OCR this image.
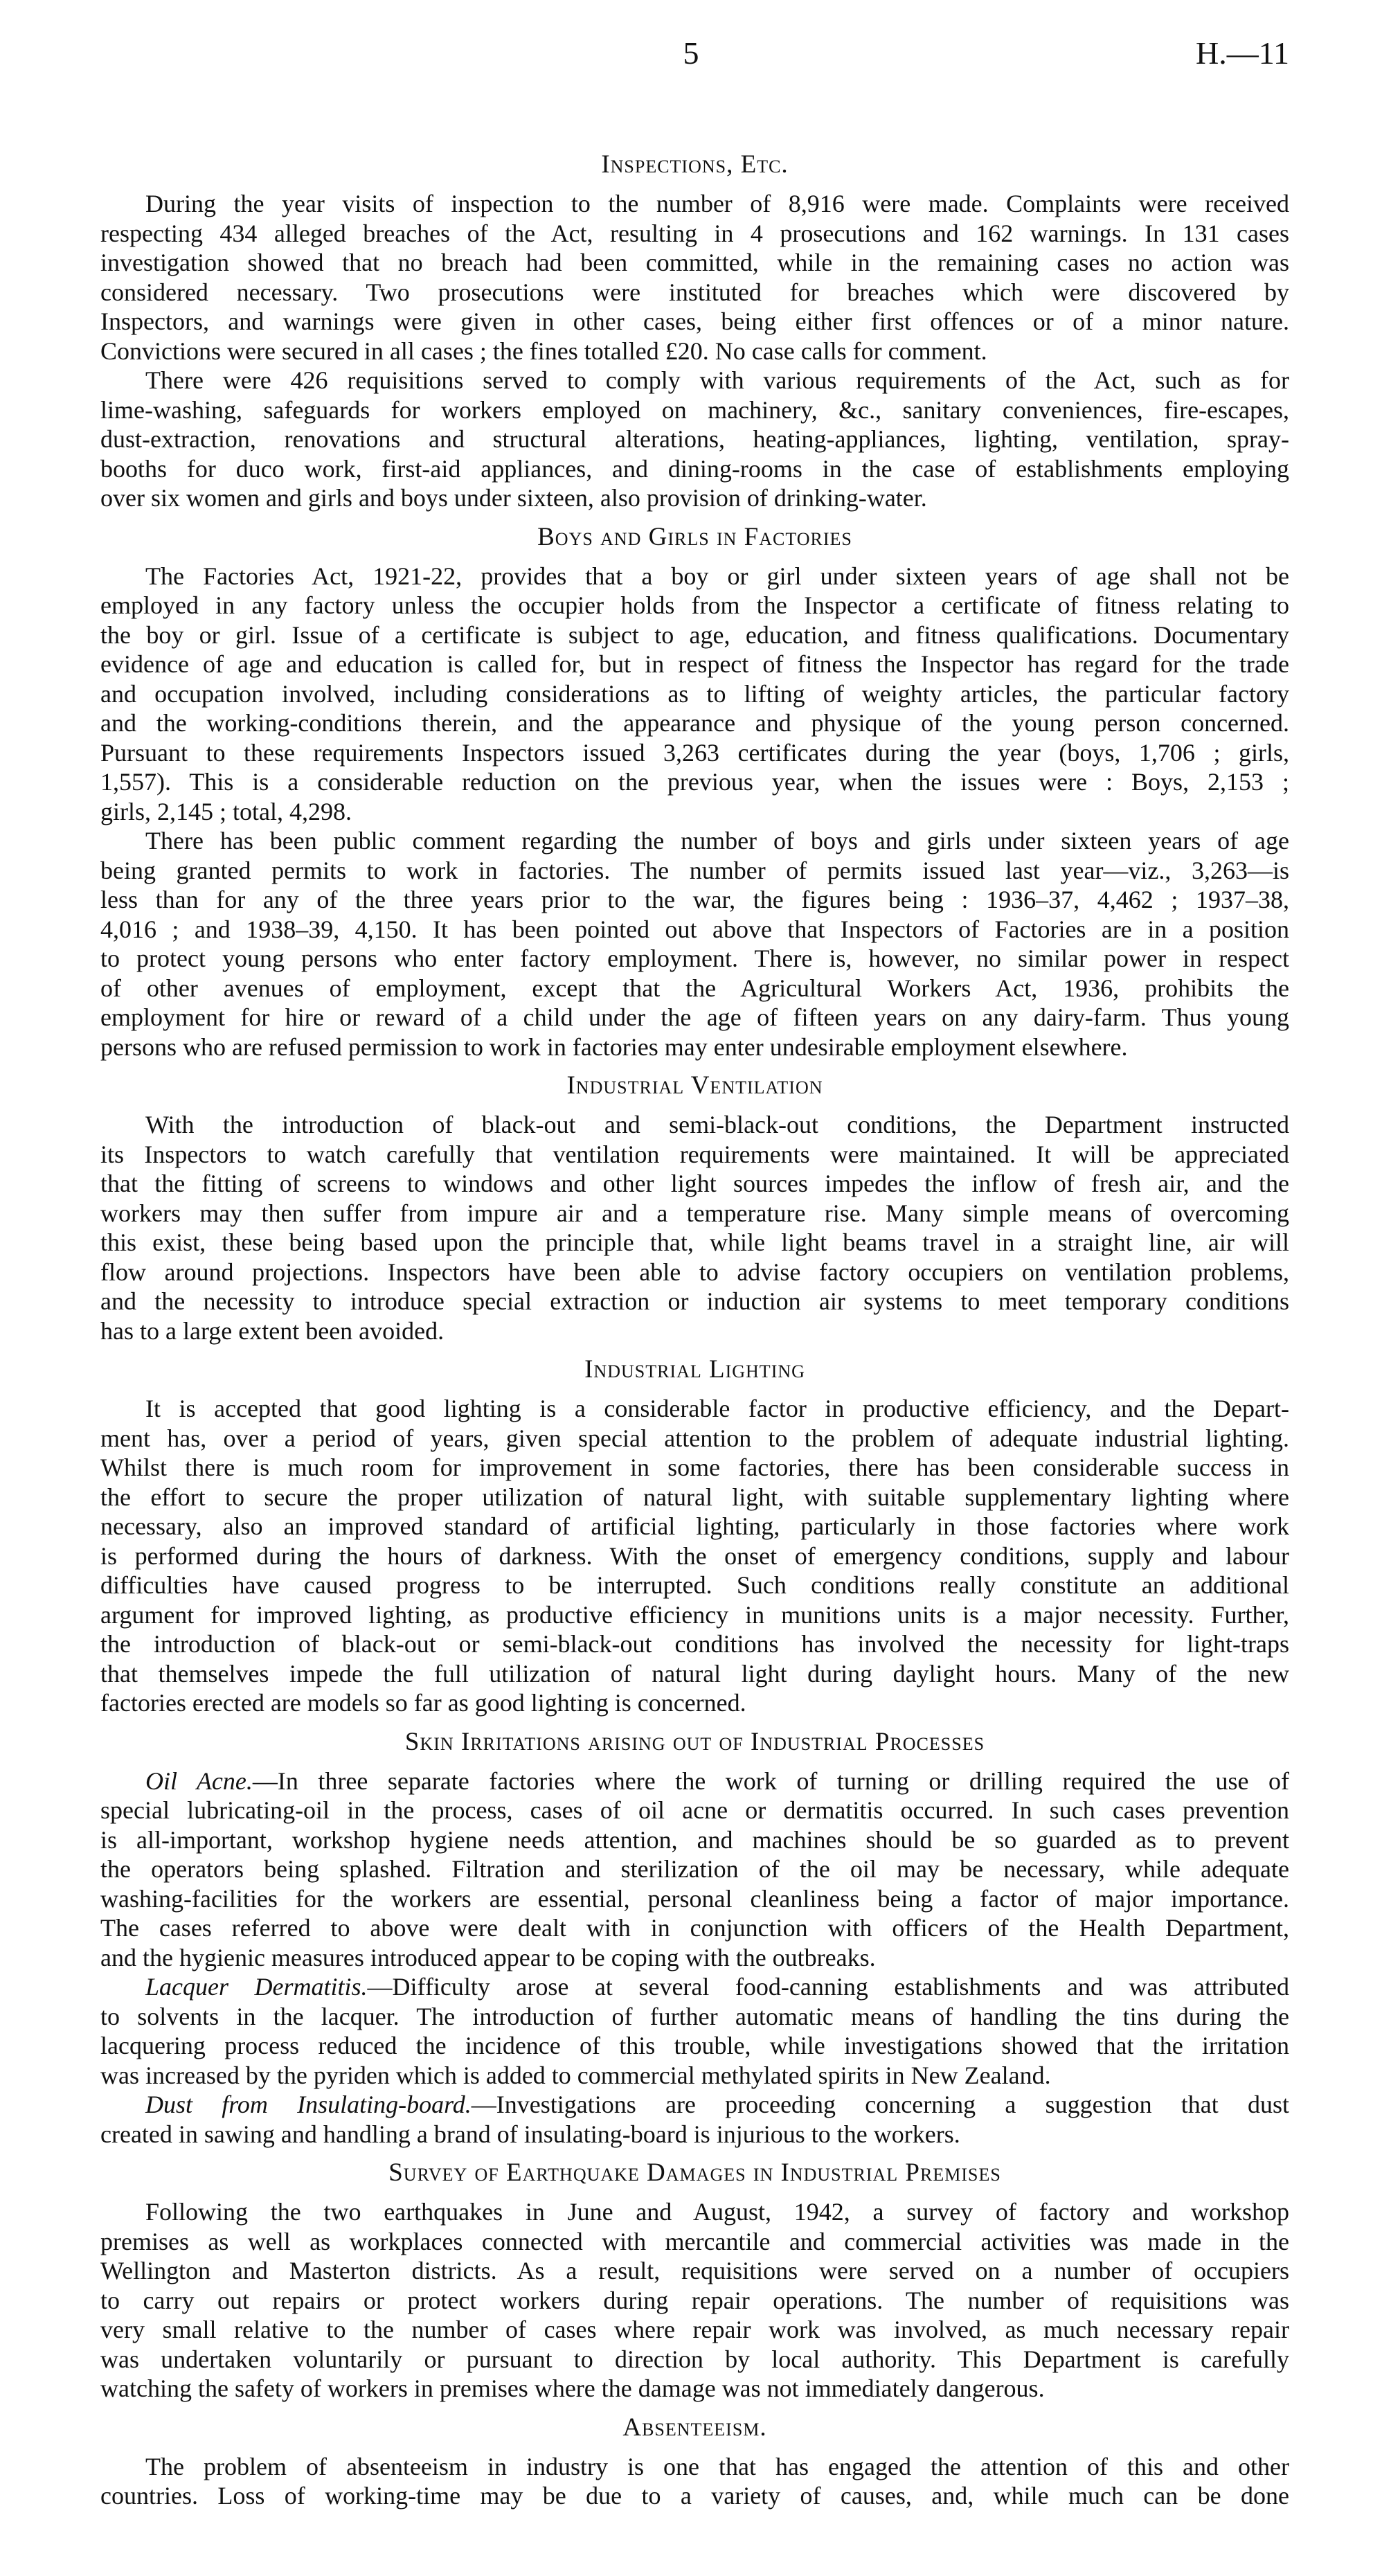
5	H.—11
Inspections, Etc.
During the year visits of inspection to the number of 8,916 were made. Complaints were received
respecting 434 alleged breaches of the Act, resulting in 4 prosecutions and 162 warnings. In 131 cases
investigation showed that no breach had been committed, while in the remaining cases no action was
considered necessary. Two prosecutions were instituted for breaches which were discovered by
Inspectors, and warnings were given in other cases, being either first offences or of a minor nature.
Convictions were secured in all cases ; the fines totalled £20. No case calls for comment.
There were 426 requisitions served to comply with various requirements of the Act, such as for
lime-washing, safeguards for workers employed on machinery, &c., sanitary conveniences, fire-escapes,
dust-extraction, renovations and structural alterations, heating-appliances, lighting, ventilation, spray-
booths for duco work, first-aid appliances, and dining-rooms in the case of establishments employing
over six women and girls and boys under sixteen, also provision of drinking-water.
Boys and Girls in Factories
The Factories Act, 1921-22, provides that a boy or girl under sixteen years of age shall not be
employed in any factory unless the occupier holds from the Inspector a certificate of fitness relating to
the boy or girl. Issue of a certificate is subject to age, education, and fitness qualifications. Documentary
evidence of age and education is called for, but in respect of fitness the Inspector has regard for the trade
and occupation involved, including considerations as to lifting of weighty articles, the particular factory
and the working-conditions therein, and the appearance and physique of the young person concerned.
Pursuant to these requirements Inspectors issued 3,263 certificates during the year (boys, 1,706 ; girls,
1,557). This is a considerable reduction on the previous year, when the issues were : Boys, 2,153 ;
girls, 2,145 ; total, 4,298.
There has been public comment regarding the number of boys and girls under sixteen years of age
being granted permits to work in factories. The number of permits issued last year—viz., 3,263—is
less than for any of the three years prior to the war, the figures being : 1936–37, 4,462 ; 1937–38,
4,016 ; and 1938–39, 4,150. It has been pointed out above that Inspectors of Factories are in a position
to protect young persons who enter factory employment. There is, however, no similar power in respect
of other avenues of employment, except that the Agricultural Workers Act, 1936, prohibits the
employment for hire or reward of a child under the age of fifteen years on any dairy-farm. Thus young
persons who are refused permission to work in factories may enter undesirable employment elsewhere.
Industrial Ventilation
With the introduction of black-out and semi-black-out conditions, the Department instructed
its Inspectors to watch carefully that ventilation requirements were maintained. It will be appreciated
that the fitting of screens to windows and other light sources impedes the inflow of fresh air, and the
workers may then suffer from impure air and a temperature rise. Many simple means of overcoming
this exist, these being based upon the principle that, while light beams travel in a straight line, air will
flow around projections. Inspectors have been able to advise factory occupiers on ventilation problems,
and the necessity to introduce special extraction or induction air systems to meet temporary conditions
has to a large extent been avoided.
Industrial Lighting
It is accepted that good lighting is a considerable factor in productive efficiency, and the Depart-
ment has, over a period of years, given special attention to the problem of adequate industrial lighting.
Whilst there is much room for improvement in some factories, there has been considerable success in
the effort to secure the proper utilization of natural light, with suitable supplementary lighting where
necessary, also an improved standard of artificial lighting, particularly in those factories where work
is performed during the hours of darkness. With the onset of emergency conditions, supply and labour
difficulties have caused progress to be interrupted. Such conditions really constitute an additional
argument for improved lighting, as productive efficiency in munitions units is a major necessity. Further,
the introduction of black-out or semi-black-out conditions has involved the necessity for light-traps
that themselves impede the full utilization of natural light during daylight hours. Many of the new
factories erected are models so far as good lighting is concerned.
Skin Irritations arising out of Industrial Processes
Oil Acne.—In three separate factories where the work of turning or drilling required the use of
special lubricating-oil in the process, cases of oil acne or dermatitis occurred. In such cases prevention
is all-important, workshop hygiene needs attention, and machines should be so guarded as to prevent
the operators being splashed. Filtration and sterilization of the oil may be necessary, while adequate
washing-facilities for the workers are essential, personal cleanliness being a factor of major importance.
The cases referred to above were dealt with in conjunction with officers of the Health Department,
and the hygienic measures introduced appear to be coping with the outbreaks.
Lacquer Dermatitis.—Difficulty arose at several food-canning establishments and was attributed
to solvents in the lacquer. The introduction of further automatic means of handling the tins during the
lacquering process reduced the incidence of this trouble, while investigations showed that the irritation
was increased by the pyriden which is added to commercial methylated spirits in New Zealand.
Dust from Insulating-board.—Investigations are proceeding concerning a suggestion that dust
created in sawing and handling a brand of insulating-board is injurious to the workers.
Survey of Earthquake Damages in Industrial Premises
Following the two earthquakes in June and August, 1942, a survey of factory and workshop
premises as well as workplaces connected with mercantile and commercial activities was made in the
Wellington and Masterton districts. As a result, requisitions were served on a number of occupiers
to carry out repairs or protect workers during repair operations. The number of requisitions was
very small relative to the number of cases where repair work was involved, as much necessary repair
was undertaken voluntarily or pursuant to direction by local authority. This Department is carefully
watching the safety of workers in premises where the damage was not immediately dangerous.
Absenteeism.
The problem of absenteeism in industry is one that has engaged the attention of this and other
countries. Loss of working-time may be due to a variety of causes, and, while much can be done
